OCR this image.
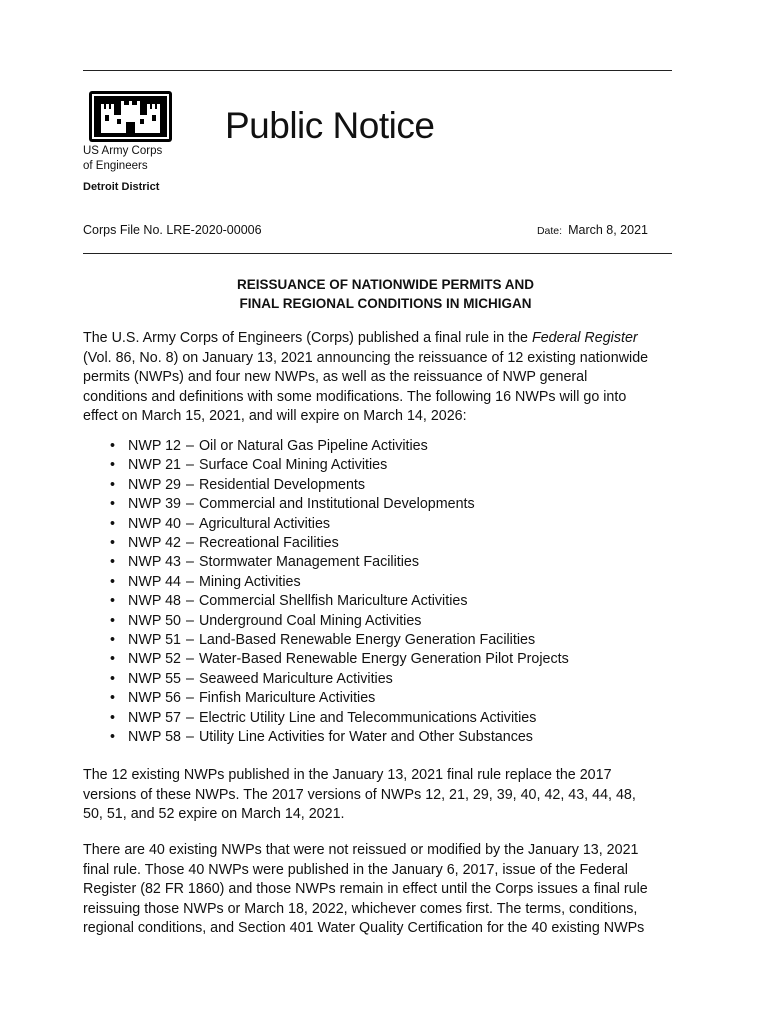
US Army Corps
of Engineers
Detroit District
Public Notice
Corps File No. LRE-2020-00006	Date: March 8, 2021
REISSUANCE OF NATIONWIDE PERMITS AND
FINAL REGIONAL CONDITIONS IN MICHIGAN
The U.S. Army Corps of Engineers (Corps) published a final rule in the Federal Register
(Vol. 86, No. 8) on January 13, 2021 announcing the reissuance of 12 existing nationwide
permits (NWPs) and four new NWPs, as well as the reissuance of NWP general
conditions and definitions with some modifications. The following 16 NWPs will go into
effect on March 15, 2021, and will expire on March 14, 2026:
• NWP 12 – Oil or Natural Gas Pipeline Activities
• NWP 21 – Surface Coal Mining Activities
• NWP 29 – Residential Developments
• NWP 39 – Commercial and Institutional Developments
• NWP 40 – Agricultural Activities
• NWP 42 – Recreational Facilities
• NWP 43 – Stormwater Management Facilities
• NWP 44 – Mining Activities
• NWP 48 – Commercial Shellfish Mariculture Activities
• NWP 50 – Underground Coal Mining Activities
• NWP 51 – Land-Based Renewable Energy Generation Facilities
• NWP 52 – Water-Based Renewable Energy Generation Pilot Projects
• NWP 55 – Seaweed Mariculture Activities
• NWP 56 – Finfish Mariculture Activities
• NWP 57 – Electric Utility Line and Telecommunications Activities
• NWP 58 – Utility Line Activities for Water and Other Substances
The 12 existing NWPs published in the January 13, 2021 final rule replace the 2017
versions of these NWPs. The 2017 versions of NWPs 12, 21, 29, 39, 40, 42, 43, 44, 48,
50, 51, and 52 expire on March 14, 2021.
There are 40 existing NWPs that were not reissued or modified by the January 13, 2021
final rule. Those 40 NWPs were published in the January 6, 2017, issue of the Federal
Register (82 FR 1860) and those NWPs remain in effect until the Corps issues a final rule
reissuing those NWPs or March 18, 2022, whichever comes first. The terms, conditions,
regional conditions, and Section 401 Water Quality Certification for the 40 existing NWPs
